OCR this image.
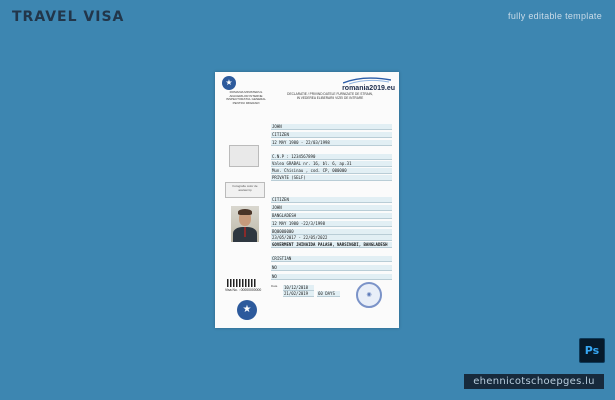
TRAVEL VISA	fully editable template
★
romania2019.eu
ROMANIA MINISTERUL AFACERILOR INTERNE INSPECTORATUL GENERAL PENTRU IMIGRARI
DECLARATIE / PRIVIND DATELE FURNIZATE DE STRAIN, IN VEDEREA ELIBERARII VIZEI DE INTRARE
Fotografie color de acelasi tip
Visa No. : 00000000000
JOHN
CITIZEN
12 MAY 1980 - 22/03/1998
C.N.P : 1234567890
Valea GRABAL nr. 16, bl. 6, ap.31
Mun. Chisinau , cod. CP, 000000
PRIVATE (SELF)
CITIZEN
JOHN
BANGLADESH
12 MAY 1980 -22/3/1998
BQ0000000
23/05/2017 - 22/05/2022
GOVERMENT JHINAIDA PALASH, NARSINGDI, BANGLADESH
CRISTIAN
NO
NO
Data 10/12/2018
21/02/2019	60 DAYS	◉
★
Ps
ehennicotschoepges.lu
